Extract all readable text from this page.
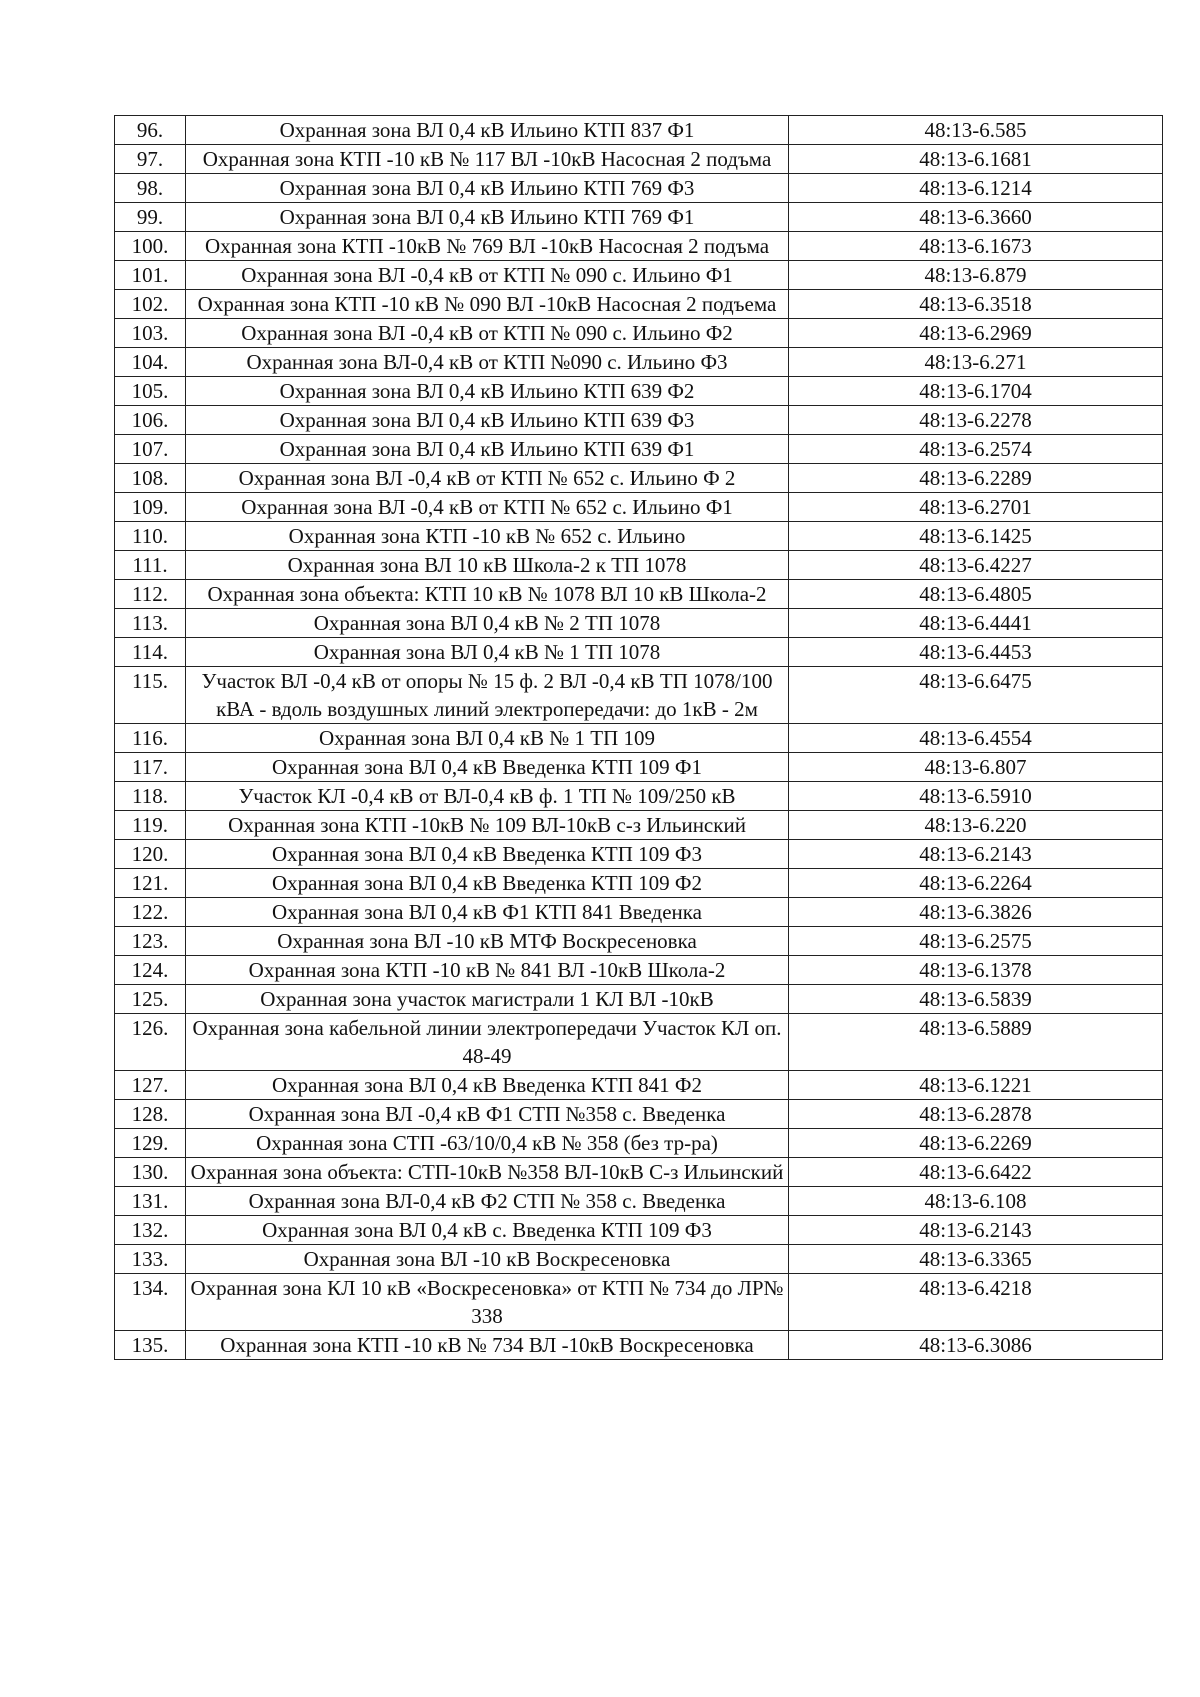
96.	Охранная зона ВЛ 0,4 кВ Ильино КТП 837 Ф1	48:13-6.585
97.	Охранная зона КТП -10 кВ № 117 ВЛ -10кВ Насосная 2 подъма	48:13-6.1681
98.	Охранная зона ВЛ 0,4 кВ Ильино КТП 769 Ф3	48:13-6.1214
99.	Охранная зона ВЛ 0,4 кВ Ильино КТП 769 Ф1	48:13-6.3660
100.	Охранная зона КТП -10кВ № 769 ВЛ -10кВ Насосная 2 подъма	48:13-6.1673
101.	Охранная зона ВЛ -0,4 кВ от КТП № 090 с. Ильино Ф1	48:13-6.879
102.	Охранная зона КТП -10 кВ № 090 ВЛ -10кВ Насосная 2 подъема	48:13-6.3518
103.	Охранная зона ВЛ -0,4 кВ от КТП № 090 с. Ильино Ф2	48:13-6.2969
104.	Охранная зона ВЛ-0,4 кВ от КТП №090 с. Ильино Ф3	48:13-6.271
105.	Охранная зона ВЛ 0,4 кВ Ильино КТП 639 Ф2	48:13-6.1704
106.	Охранная зона ВЛ 0,4 кВ Ильино КТП 639 Ф3	48:13-6.2278
107.	Охранная зона ВЛ 0,4 кВ Ильино КТП 639 Ф1	48:13-6.2574
108.	Охранная зона ВЛ -0,4 кВ от КТП № 652 с. Ильино Ф 2	48:13-6.2289
109.	Охранная зона ВЛ -0,4 кВ от КТП № 652 с. Ильино Ф1	48:13-6.2701
110.	Охранная зона КТП -10 кВ № 652 с. Ильино	48:13-6.1425
111.	Охранная зона ВЛ 10 кВ Школа-2 к ТП 1078	48:13-6.4227
112.	Охранная зона объекта: КТП 10 кВ № 1078 ВЛ 10 кВ Школа-2	48:13-6.4805
113.	Охранная зона ВЛ 0,4 кВ № 2 ТП 1078	48:13-6.4441
114.	Охранная зона ВЛ 0,4 кВ № 1 ТП 1078	48:13-6.4453
115.	Участок ВЛ -0,4 кВ от опоры № 15 ф. 2 ВЛ -0,4 кВ ТП 1078/100 кВА - вдоль воздушных линий электропередачи: до 1кВ - 2м	48:13-6.6475
116.	Охранная зона ВЛ 0,4 кВ № 1 ТП 109	48:13-6.4554
117.	Охранная зона ВЛ 0,4 кВ Введенка КТП 109 Ф1	48:13-6.807
118.	Участок КЛ -0,4 кВ от ВЛ-0,4 кВ ф. 1 ТП № 109/250 кВ	48:13-6.5910
119.	Охранная зона КТП -10кВ № 109 ВЛ-10кВ с-з Ильинский	48:13-6.220
120.	Охранная зона ВЛ 0,4 кВ Введенка КТП 109 Ф3	48:13-6.2143
121.	Охранная зона ВЛ 0,4 кВ Введенка КТП 109 Ф2	48:13-6.2264
122.	Охранная зона ВЛ 0,4 кВ Ф1 КТП 841 Введенка	48:13-6.3826
123.	Охранная зона ВЛ -10 кВ МТФ Воскресеновка	48:13-6.2575
124.	Охранная зона КТП -10 кВ № 841 ВЛ -10кВ Школа-2	48:13-6.1378
125.	Охранная зона участок магистрали 1 КЛ ВЛ -10кВ	48:13-6.5839
126.	Охранная зона кабельной линии электропередачи Участок КЛ оп. 48-49	48:13-6.5889
127.	Охранная зона ВЛ 0,4 кВ Введенка КТП 841 Ф2	48:13-6.1221
128.	Охранная зона ВЛ -0,4 кВ Ф1 СТП №358 с. Введенка	48:13-6.2878
129.	Охранная зона СТП -63/10/0,4 кВ № 358 (без тр-ра)	48:13-6.2269
130.	Охранная зона объекта: СТП-10кВ №358 ВЛ-10кВ С-з Ильинский	48:13-6.6422
131.	Охранная зона ВЛ-0,4 кВ Ф2 СТП № 358 с. Введенка	48:13-6.108
132.	Охранная зона ВЛ 0,4 кВ с. Введенка КТП 109 Ф3	48:13-6.2143
133.	Охранная зона ВЛ -10 кВ Воскресеновка	48:13-6.3365
134.	Охранная зона КЛ 10 кВ «Воскресеновка» от КТП № 734 до ЛР№ 338	48:13-6.4218
135.	Охранная зона КТП -10 кВ № 734 ВЛ -10кВ Воскресеновка	48:13-6.3086
